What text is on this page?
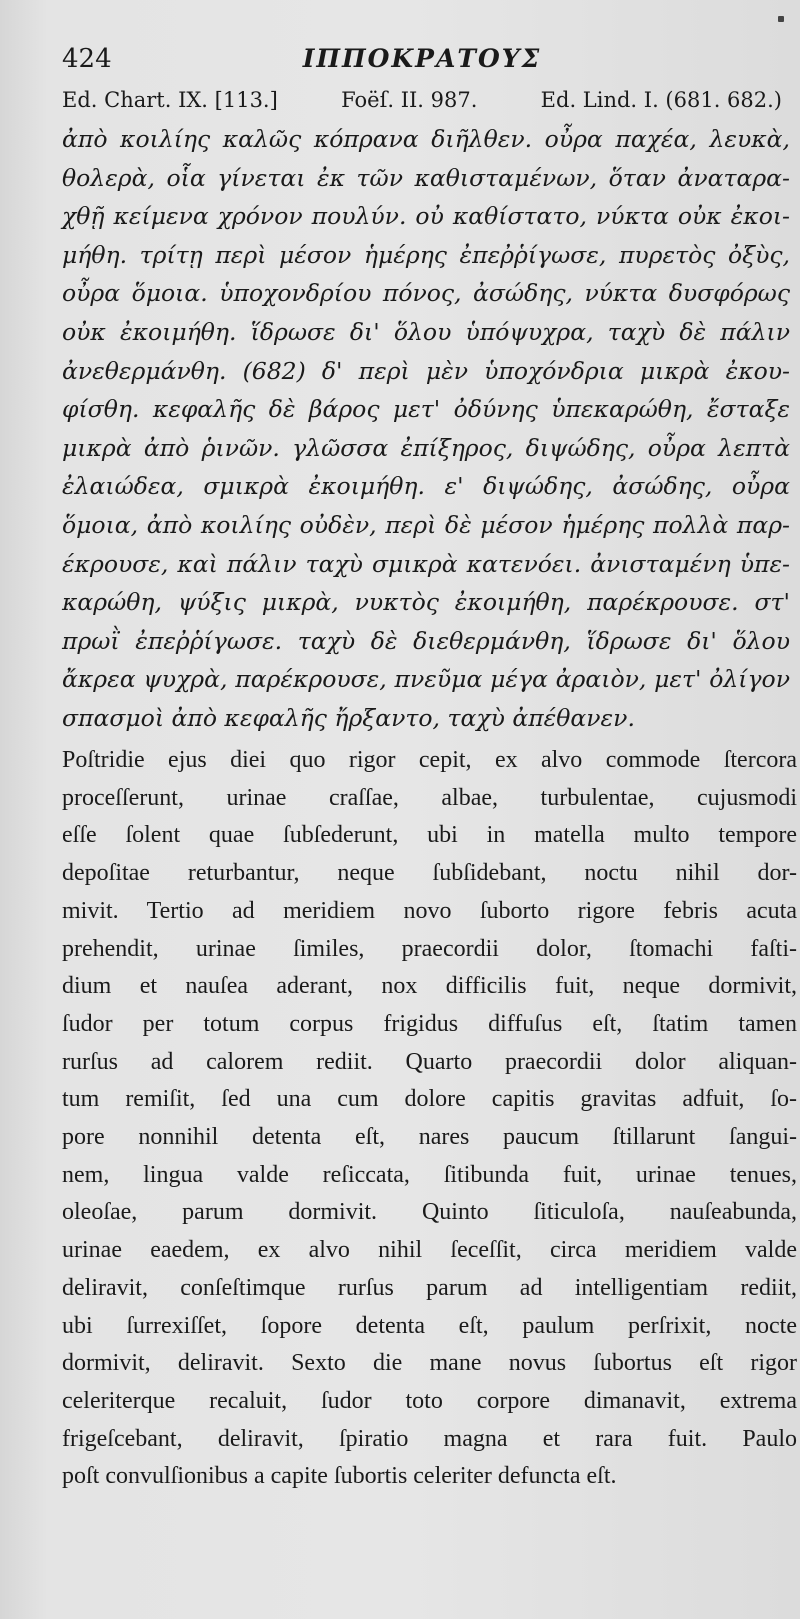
424	ΙΠΠΟΚΡΑΤΟΥΣ
Ed. Chart. IX. [113.]	Foëſ. II. 987.	Ed. Lind. I. (681. 682.)
ἀπὸ κοιλίης καλῶς κόπρανα διῆλθεν. οὖρα παχέα, λευκὰ,
θολερὰ, οἷα γίνεται ἐκ τῶν καθισταμένων, ὅταν ἀναταρα-
χθῇ κείμενα χρόνον πουλύν. οὐ καθίστατο, νύκτα οὐκ ἐκοι-
μήθη. τρίτῃ περὶ μέσον ἡμέρης ἐπεῤῥίγωσε, πυρετὸς ὀξὺς,
οὖρα ὅμοια. ὑποχονδρίου πόνος, ἀσώδης, νύκτα δυσφόρως
οὐκ ἐκοιμήθη. ἵδρωσε δι' ὅλου ὑπόψυχρα, ταχὺ δὲ πάλιν
ἀνεθερμάνθη. (682) δ' περὶ μὲν ὑποχόνδρια μικρὰ ἐκου-
φίσθη. κεφαλῆς δὲ βάρος μετ' ὀδύνης ὑπεκαρώθη, ἔσταξε
μικρὰ ἀπὸ ῥινῶν. γλῶσσα ἐπίξηρος, διψώδης, οὖρα λεπτὰ
ἐλαιώδεα, σμικρὰ ἐκοιμήθη. ε' διψώδης, ἀσώδης, οὖρα
ὅμοια, ἀπὸ κοιλίης οὐδὲν, περὶ δὲ μέσον ἡμέρης πολλὰ παρ-
έκρουσε, καὶ πάλιν ταχὺ σμικρὰ κατενόει. ἀνισταμένη ὑπε-
καρώθη, ψύξις μικρὰ, νυκτὸς ἐκοιμήθη, παρέκρουσε. στ'
πρωῒ ἐπεῤῥίγωσε. ταχὺ δὲ διεθερμάνθη, ἵδρωσε δι' ὅλου
ἄκρεα ψυχρὰ, παρέκρουσε, πνεῦμα μέγα ἀραιὸν, μετ' ὀλίγον
σπασμοὶ ἀπὸ κεφαλῆς ἤρξαντο, ταχὺ ἀπέθανεν.
Poſtridie ejus diei quo rigor cepit, ex alvo commode ſtercora
proceſſerunt, urinae craſſae, albae, turbulentae, cujusmodi
eſſe ſolent quae ſubſederunt, ubi in matella multo tempore
depoſitae returbantur, neque ſubſidebant, noctu nihil dor-
mivit. Tertio ad meridiem novo ſuborto rigore febris acuta
prehendit, urinae ſimiles, praecordii dolor, ſtomachi faſti-
dium et nauſea aderant, nox difficilis fuit, neque dormivit,
ſudor per totum corpus frigidus diffuſus eſt, ſtatim tamen
rurſus ad calorem rediit. Quarto praecordii dolor aliquan-
tum remiſit, ſed una cum dolore capitis gravitas adfuit, ſo-
pore nonnihil detenta eſt, nares paucum ſtillarunt ſangui-
nem, lingua valde reſiccata, ſitibunda fuit, urinae tenues,
oleoſae, parum dormivit. Quinto ſiticuloſa, nauſeabunda,
urinae eaedem, ex alvo nihil ſeceſſit, circa meridiem valde
deliravit, conſeſtimque rurſus parum ad intelligentiam rediit,
ubi ſurrexiſſet, ſopore detenta eſt, paulum perſrixit, nocte
dormivit, deliravit. Sexto die mane novus ſubortus eſt rigor
celeriterque recaluit, ſudor toto corpore dimanavit, extrema
frigeſcebant, deliravit, ſpiratio magna et rara fuit. Paulo
poſt convulſionibus a capite ſubortis celeriter defuncta eſt.
